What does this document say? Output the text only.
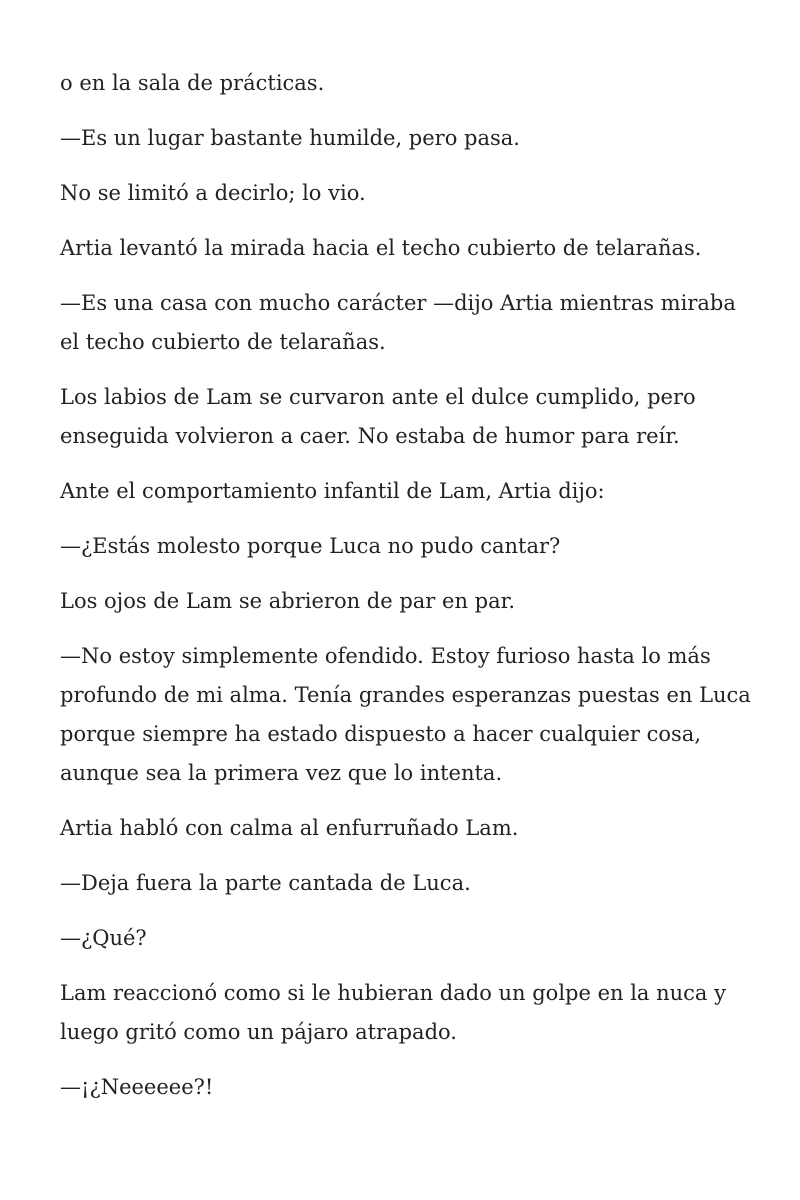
o en la sala de prácticas.

—Es un lugar bastante humilde, pero pasa.

No se limitó a decirlo; lo vio.

Artia levantó la mirada hacia el techo cubierto de telarañas.

—Es una casa con mucho carácter —dijo Artia mientras miraba el techo cubierto de telarañas.

Los labios de Lam se curvaron ante el dulce cumplido, pero enseguida volvieron a caer. No estaba de humor para reír.

Ante el comportamiento infantil de Lam, Artia dijo:

—¿Estás molesto porque Luca no pudo cantar?

Los ojos de Lam se abrieron de par en par.

—No estoy simplemente ofendido. Estoy furioso hasta lo más profundo de mi alma. Tenía grandes esperanzas puestas en Luca porque siempre ha estado dispuesto a hacer cualquier cosa, aunque sea la primera vez que lo intenta.

Artia habló con calma al enfurruñado Lam.

—Deja fuera la parte cantada de Luca.

—¿Qué?

Lam reaccionó como si le hubieran dado un golpe en la nuca y luego gritó como un pájaro atrapado.

—¡¿Neeeeee?!
